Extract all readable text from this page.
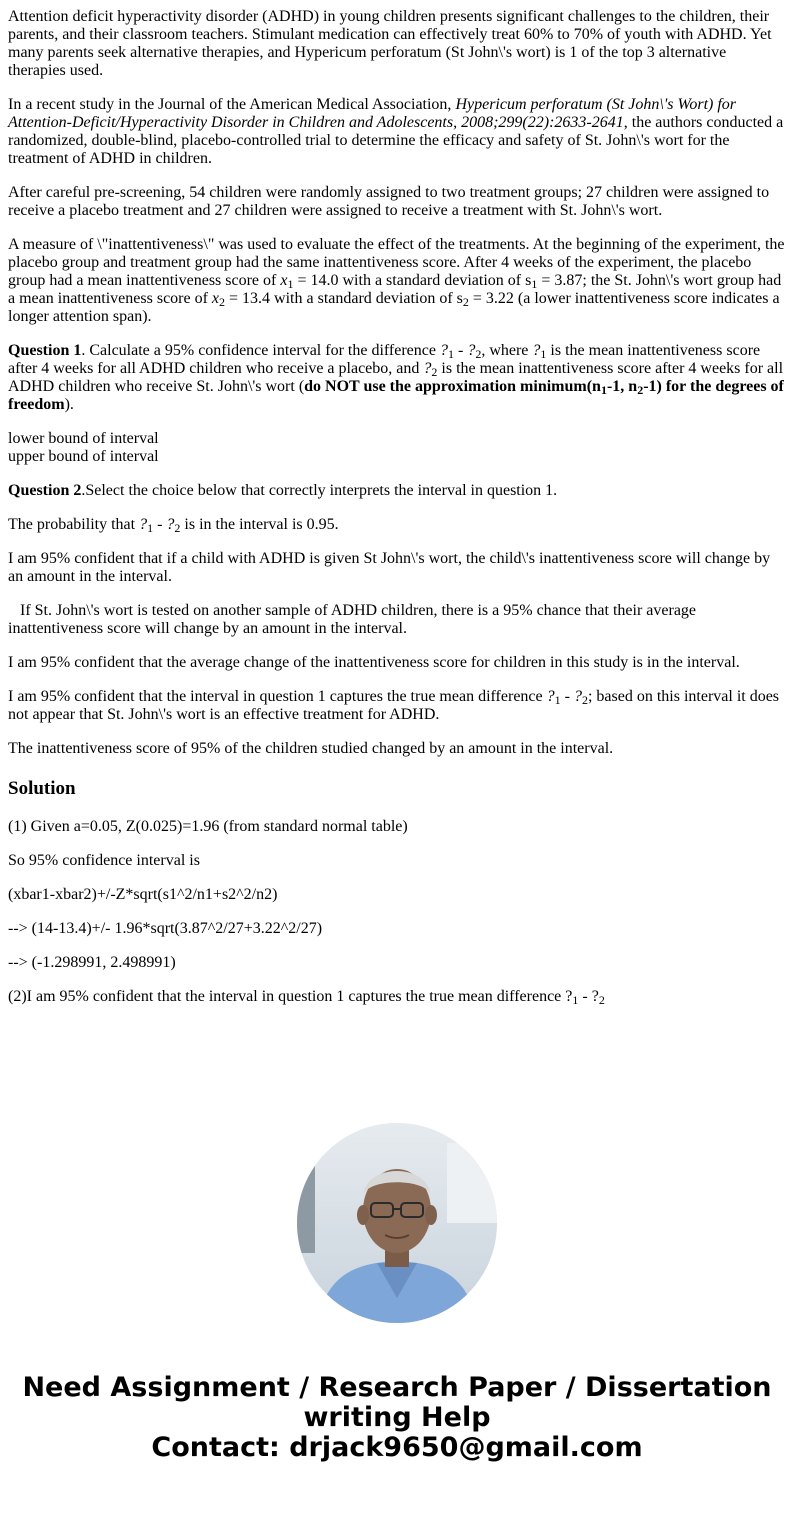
Attention deficit hyperactivity disorder (ADHD) in young children presents significant challenges to the children, their parents, and their classroom teachers. Stimulant medication can effectively treat 60% to 70% of youth with ADHD. Yet many parents seek alternative therapies, and Hypericum perforatum (St John\'s wort) is 1 of the top 3 alternative therapies used.

In a recent study in the Journal of the American Medical Association, Hypericum perforatum (St John\'s Wort) for Attention-Deficit/Hyperactivity Disorder in Children and Adolescents, 2008;299(22):2633-2641, the authors conducted a randomized, double-blind, placebo-controlled trial to determine the efficacy and safety of St. John\'s wort for the treatment of ADHD in children.

After careful pre-screening, 54 children were randomly assigned to two treatment groups; 27 children were assigned to receive a placebo treatment and 27 children were assigned to receive a treatment with St. John\'s wort.

A measure of \"inattentiveness\" was used to evaluate the effect of the treatments. At the beginning of the experiment, the placebo group and treatment group had the same inattentiveness score. After 4 weeks of the experiment, the placebo group had a mean inattentiveness score of $x_1 = 14.0$ with a standard deviation of $s_1 = 3.87$; the St. John\'s wort group had a mean inattentiveness score of $x_2 = 13.4$ with a standard deviation of $s_2 = 3.22$ (a lower inattentiveness score indicates a longer attention span).

Question 1. Calculate a 95% confidence interval for the difference $?_1$ - $?_2$, where $?_1$ is the mean inattentiveness score after 4 weeks for all ADHD children who receive a placebo, and $?_2$ is the mean inattentiveness score after 4 weeks for all ADHD children who receive St. John\'s wort (do NOT use the approximation $minimum(n_1-1$, $n_2-1$) for the degrees of freedom).

lower bound of interval
upper bound of interval

Question 2.Select the choice below that correctly interprets the interval in question 1.

The probability that $?_1$ - $?_2$ is in the interval is 0.95.

I am 95% confident that if a child with ADHD is given St John\'s wort, the child\'s inattentiveness score will change by an amount in the interval.

If St. John\'s wort is tested on another sample of ADHD children, there is a 95% chance that their average inattentiveness score will change by an amount in the interval.

I am 95% confident that the average change of the inattentiveness score for children in this study is in the interval.

I am 95% confident that the interval in question 1 captures the true mean difference $?_1$ - $?_2$; based on this interval it does not appear that St. John\'s wort is an effective treatment for ADHD.

The inattentiveness score of 95% of the children studied changed by an amount in the interval.

Solution

(1) Given a=0.05, Z(0.025)=1.96 (from standard normal table)

So 95% confidence interval is

(xbar1-xbar2)+/-Z*sqrt(s1^2/n1+s2^2/n2)

--> (14-13.4)+/- 1.96*sqrt(3.87^2/27+3.22^2/27)

--> (-1.298991, 2.498991)

(2)I am 95% confident that the interval in question 1 captures the true mean difference $?_1$ - $?_2$

Need Assignment / Research Paper / Dissertation
writing Help
Contact: drjack9650@gmail.com
